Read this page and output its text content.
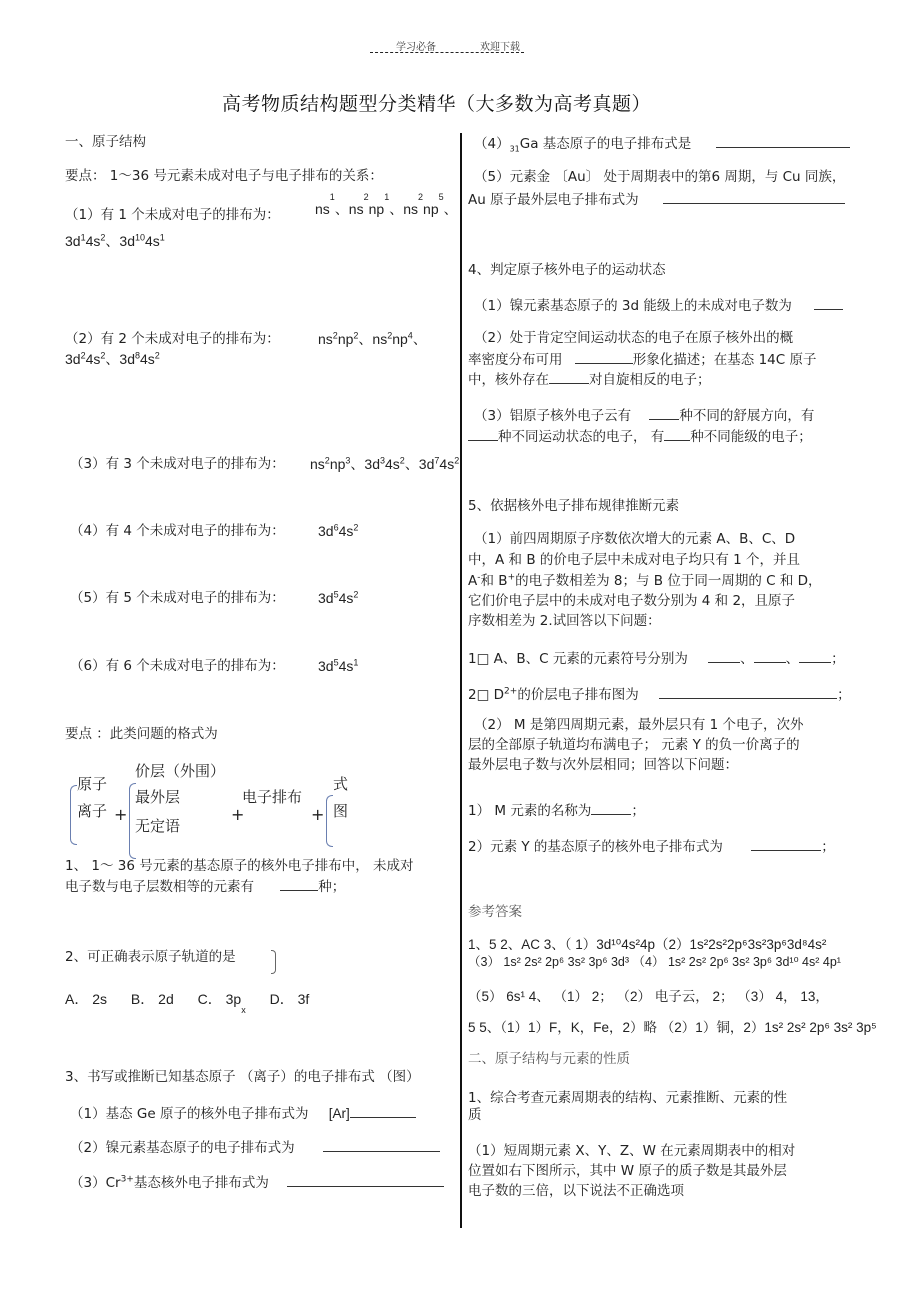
学习必备	欢迎下载
高考物质结构题型分类精华（大多数为高考真题）
一、原子结构
要点： 1～36 号元素未成对电子与电子排布的关系：
（1）有 1 个未成对电子的排布为：	$ns^1$、$ns^2np^1$、$ns^2np^5$、
$3d^14s^2$、$3d^{10}4s^1$
（2）有 2 个未成对电子的排布为：	$ns^2np^2$、$ns^2np^4$、
$3d^24s^2$、$3d^84s^2$
（3）有 3 个未成对电子的排布为： $ns^2np^3$、$3d^34s^2$、$3d^74s^2$
（4）有 4 个未成对电子的排布为： $3d^64s^2$
（5）有 5 个未成对电子的排布为： $3d^54s^2$
（6）有 6 个未成对电子的排布为： $3d^54s^1$
要点 ：此类问题的格式为
原子
离子 +
价层（外围）
最外层
无定语
电子排布
+	+
式
图
1、 1～ 36 号元素的基态原子的核外电子排布中， 未成对
电子数与电子层数相等的元素有	种；
2、可正确表示原子轨道的是
A． 2s B． 2d C． $3p_x$ D． 3f
3、书写或推断已知基态原子 （离子）的电子排布式 （图）
（1）基态 Ge 原子的核外电子排布式为 [Ar]
（2）镍元素基态原子的电子排布式为
$(3)Cr^{3+}$基态核外电子排布式为
$(4)_{31}Ga$ 基态原子的电子排布式是
（5）元素金 〔Au〕 处于周期表中的第6 周期，与 Cu 同族，
Au 原子最外层电子排布式为
4、判定原子核外电子的运动状态
（1）镍元素基态原子的 3d 能级上的未成对电子数为
（2）处于肯定空间运动状态的电子在原子核外出的概
率密度分布可用	形象化描述；在基态 14C 原子
中，核外存在	对自旋相反的电子；
（3）铝原子核外电子云有	种不同的舒展方向，有
种不同运动状态的电子， 有 种不同能级的电子；
5、依据核外电子排布规律推断元素
（1）前四周期原子序数依次增大的元素 A、B、C、D
中，A 和 B 的价电子层中未成对电子均只有 1 个，并且
A-和 B+的电子数相差为 8；与 B 位于同一周期的 C 和 D，
它们价电子层中的未成对电子数分别为 4 和 2，且原子
序数相差为 2.试回答以下问题：
1□ A、B、C 元素的元素符号分别为	、 、 ；
2□ $D^{2+}$的价层电子排布图为	；
（2） M 是第四周期元素，最外层只有 1 个电子，次外
层的全部原子轨道均布满电子； 元素 Y 的负一价离子的
最外层电子数与次外层相同；回答以下问题：
1） M 元素的名称为	；
2）元素 Y 的基态原子的核外电子排布式为	；
参考答案
1、5 2、AC 3、（ 1）3d¹⁰4s²4p（2）1s²2s²2p⁶3s²3p⁶3d⁸4s²
（3） 1s² 2s² 2p⁶ 3s² 3p⁶ 3d³ （4） 1s² 2s² 2p⁶ 3s² 3p⁶ 3d¹⁰ 4s² 4p¹
（5） 6s¹ 4、 （1） 2； （2） 电子云， 2； （3） 4， 13，
5 5、（1）1）F，K，Fe，2）略 （2）1）铜，2）1s² 2s² 2p⁶ 3s² 3p⁵
二、原子结构与元素的性质
1、综合考查元素周期表的结构、元素推断、元素的性
质
（1）短周期元素 X、Y、Z、W 在元素周期表中的相对
位置如右下图所示，其中 W 原子的质子数是其最外层
电子数的三倍，以下说法不正确选项
